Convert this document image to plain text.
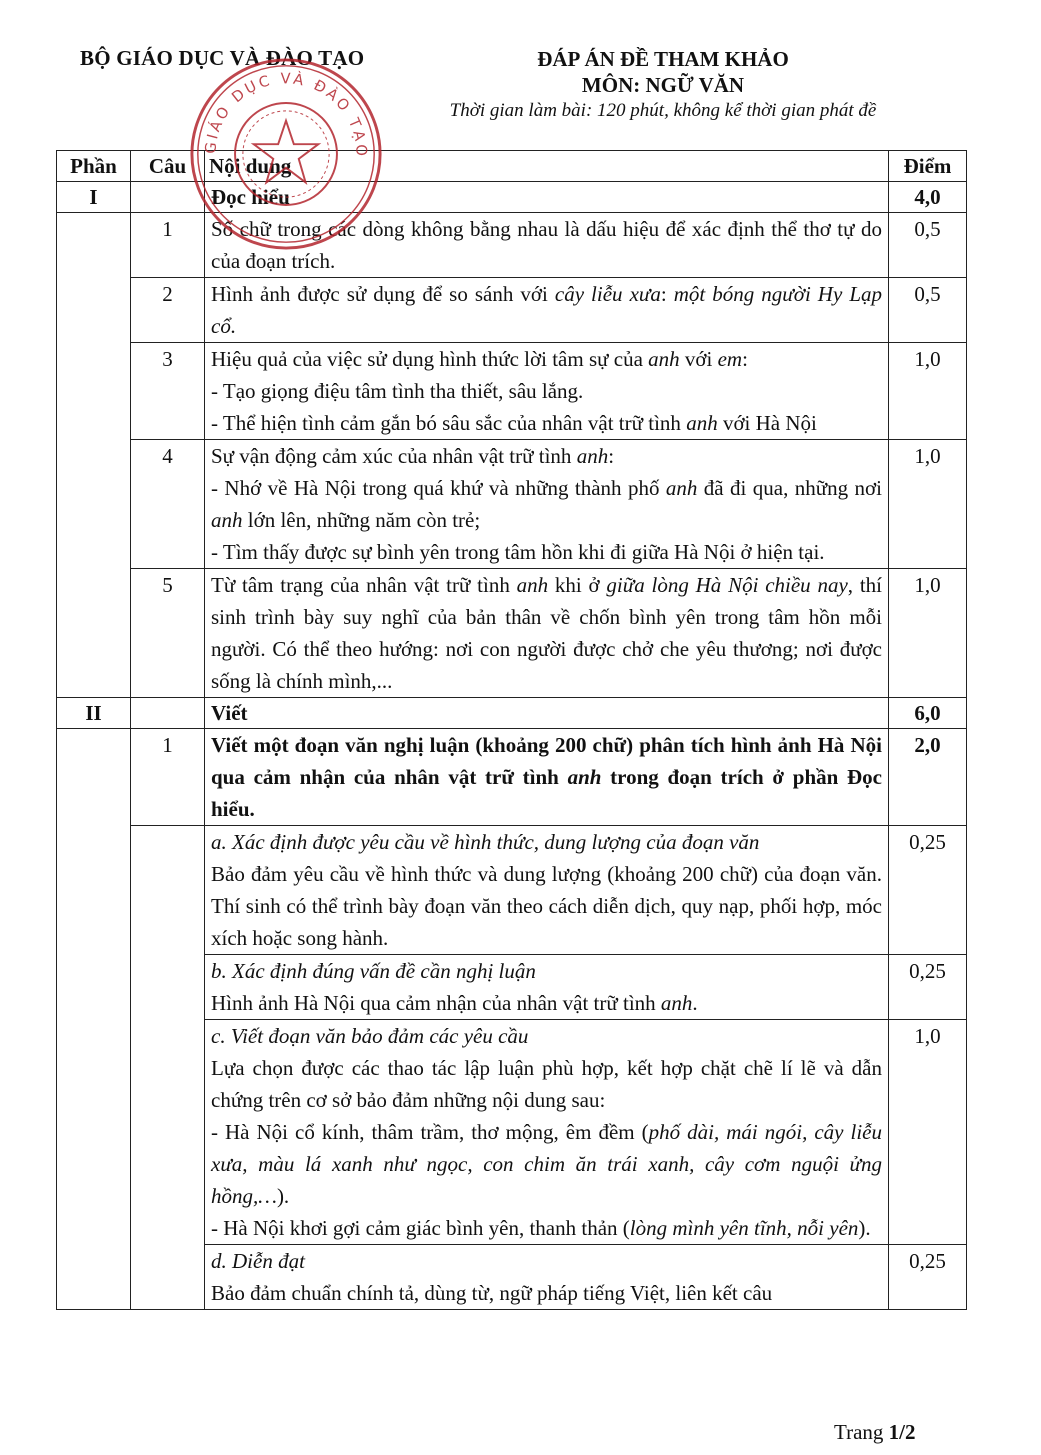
BỘ GIÁO DỤC VÀ ĐÀO TẠO	ĐÁP ÁN ĐỀ THAM KHẢO
MÔN: NGỮ VĂN
Thời gian làm bài: 120 phút, không kể thời gian phát đề
Phần	Câu	Nội dung	Điểm
I		Đọc hiểu	4,0
	1	Số chữ trong các dòng không bằng nhau là dấu hiệu để xác định thể thơ tự do của đoạn trích.	0,5
	2	Hình ảnh được sử dụng để so sánh với cây liễu xưa: một bóng người Hy Lạp cổ.	0,5
	3	Hiệu quả của việc sử dụng hình thức lời tâm sự của anh với em:
- Tạo giọng điệu tâm tình tha thiết, sâu lắng.
- Thể hiện tình cảm gắn bó sâu sắc của nhân vật trữ tình anh với Hà Nội	1,0
	4	Sự vận động cảm xúc của nhân vật trữ tình anh:
- Nhớ về Hà Nội trong quá khứ và những thành phố anh đã đi qua, những nơi anh lớn lên, những năm còn trẻ;
- Tìm thấy được sự bình yên trong tâm hồn khi đi giữa Hà Nội ở hiện tại.	1,0
	5	Từ tâm trạng của nhân vật trữ tình anh khi ở giữa lòng Hà Nội chiều nay, thí sinh trình bày suy nghĩ của bản thân về chốn bình yên trong tâm hồn mỗi người. Có thể theo hướng: nơi con người được chở che yêu thương; nơi được sống là chính mình,...	1,0
II		Viết	6,0
	1	Viết một đoạn văn nghị luận (khoảng 200 chữ) phân tích hình ảnh Hà Nội qua cảm nhận của nhân vật trữ tình anh trong đoạn trích ở phần Đọc hiểu.	2,0

		a. Xác định được yêu cầu về hình thức, dung lượng của đoạn văn
Bảo đảm yêu cầu về hình thức và dung lượng (khoảng 200 chữ) của đoạn văn. Thí sinh có thể trình bày đoạn văn theo cách diễn dịch, quy nạp, phối hợp, móc xích hoặc song hành.	0,25

		b. Xác định đúng vấn đề cần nghị luận
Hình ảnh Hà Nội qua cảm nhận của nhân vật trữ tình anh.	0,25

		c. Viết đoạn văn bảo đảm các yêu cầu
Lựa chọn được các thao tác lập luận phù hợp, kết hợp chặt chẽ lí lẽ và dẫn chứng trên cơ sở bảo đảm những nội dung sau:
- Hà Nội cổ kính, thâm trầm, thơ mộng, êm đềm (phố dài, mái ngói, cây liễu xưa, màu lá xanh như ngọc, con chim ăn trái xanh, cây cơm nguội ửng hồng,…).
- Hà Nội khơi gợi cảm giác bình yên, thanh thản (lòng mình yên tĩnh, nỗi yên).	1,0

		d. Diễn đạt
Bảo đảm chuẩn chính tả, dùng từ, ngữ pháp tiếng Việt, liên kết câu	0,25
GIÁO DỤC VÀ ĐÀO TẠO
Trang 1/2
